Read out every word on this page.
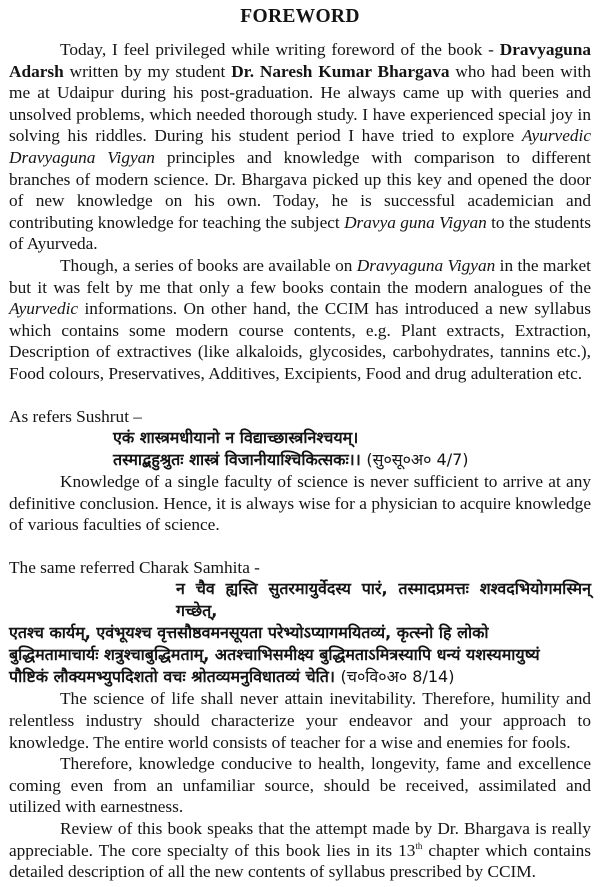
FOREWORD

Today, I feel privileged while writing foreword of the book - Dravyaguna Adarsh written by my student Dr. Naresh Kumar Bhargava who had been with me at Udaipur during his post-graduation. He always came up with queries and unsolved problems, which needed thorough study. I have experienced special joy in solving his riddles. During his student period I have tried to explore Ayurvedic Dravyaguna Vigyan principles and knowledge with comparison to different branches of modern science. Dr. Bhargava picked up this key and opened the door of new knowledge on his own. Today, he is successful academician and contributing knowledge for teaching the subject Dravya guna Vigyan to the students of Ayurveda.

Though, a series of books are available on Dravyaguna Vigyan in the market but it was felt by me that only a few books contain the modern analogues of the Ayurvedic informations. On other hand, the CCIM has introduced a new syllabus which contains some modern course contents, e.g. Plant extracts, Extraction, Description of extractives (like alkaloids, glycosides, carbohydrates, tannins etc.), Food colours, Preservatives, Additives, Excipients, Food and drug adulteration etc.

As refers Sushrut –

एकं शास्त्रमधीयानो न विद्याच्छास्त्रनिश्चयम्।
तस्माद्बहुश्रुतः शास्त्रं विजानीयाश्चिकित्सकः।। (सु०सू०अ० 4/7)

Knowledge of a single faculty of science is never sufficient to arrive at any definitive conclusion. Hence, it is always wise for a physician to acquire knowledge of various faculties of science.

The same referred Charak Samhita -

न चैव ह्यस्ति सुतरमायुर्वेदस्य पारं, तस्मादप्रमत्तः शश्वदभियोगमस्मिन् गच्छेत्,
एतश्च कार्यम्, एवंभूयश्च वृत्तसौष्ठवमनसूयता परेभ्योऽप्यागमयितव्यं, कृत्स्नो हि लोको
बुद्धिमतामाचार्यः शत्रुश्चाबुद्धिमताम्, अतश्चाभिसमीक्ष्य बुद्धिमताऽमित्रस्यापि धन्यं यशस्यमायुष्यं
पौष्टिकं लौक्यमभ्युपदिशतो वचः श्रोतव्यमनुविधातव्यं चेति। (च०वि०अ० 8/14)

The science of life shall never attain inevitability. Therefore, humility and relentless industry should characterize your endeavor and your approach to knowledge. The entire world consists of teacher for a wise and enemies for fools.

Therefore, knowledge conducive to health, longevity, fame and excellence coming even from an unfamiliar source, should be received, assimilated and utilized with earnestness.

Review of this book speaks that the attempt made by Dr. Bhargava is really appreciable. The core specialty of this book lies in its 13th chapter which contains detailed description of all the new contents of syllabus prescribed by CCIM.
